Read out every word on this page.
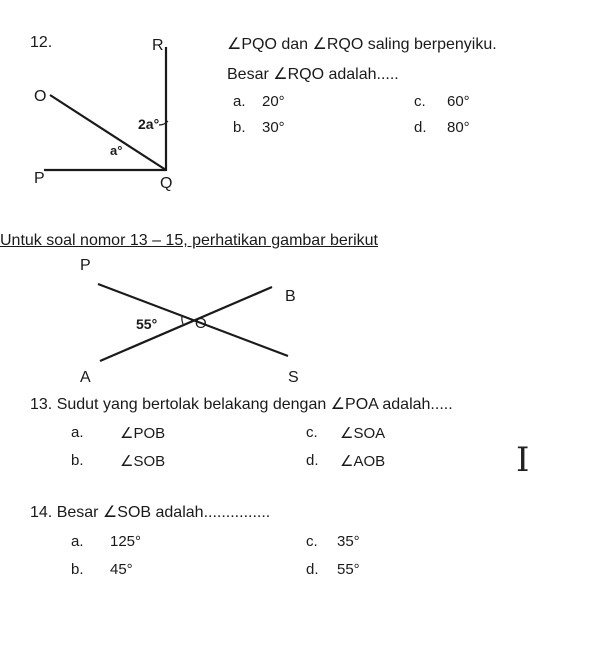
12.	R
O
P	Q
2a°
a°
∠PQO dan ∠RQO saling berpenyiku.
Besar ∠RQO adalah.....
a. 20°	c. 60°
b. 30°	d. 80°
Untuk soal nomor 13 – 15, perhatikan gambar berikut
P
B
O
55°
A	S
13. Sudut yang bertolak belakang dengan ∠POA adalah.....
a. ∠POB	c. ∠SOA
b. ∠SOB	d. ∠AOB	I
14. Besar ∠SOB adalah...............
a. 125°	c. 35°
b. 45°	d. 55°
